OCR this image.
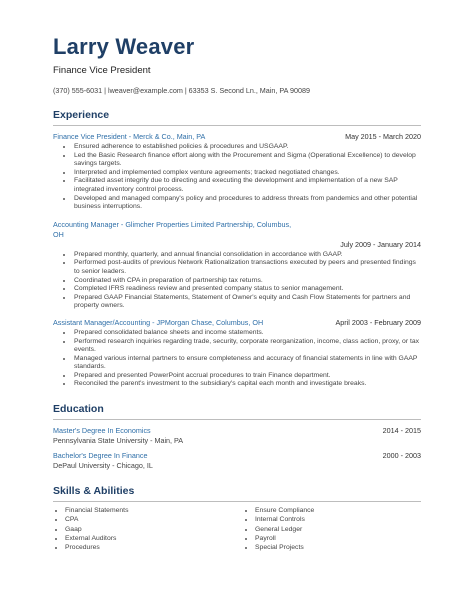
Larry Weaver
Finance Vice President
(370) 555-6031 | lweaver@example.com | 63353 S. Second Ln., Main, PA 90089
Experience
Finance Vice President - Merck & Co., Main, PA	May 2015 - March 2020
• Ensured adherence to established policies & procedures and USGAAP.
• Led the Basic Research finance effort along with the Procurement and Sigma (Operational Excellence) to develop savings targets.
• Interpreted and implemented complex venture agreements; tracked negotiated changes.
• Facilitated asset integrity due to directing and executing the development and implementation of a new SAP integrated inventory control process.
• Developed and managed company's policy and procedures to address threats from pandemics and other potential business interruptions.
Accounting Manager - Glimcher Properties Limited Partnership, Columbus, OH
July 2009 - January 2014
• Prepared monthly, quarterly, and annual financial consolidation in accordance with GAAP.
• Performed post-audits of previous Network Rationalization transactions executed by peers and presented findings to senior leaders.
• Coordinated with CPA in preparation of partnership tax returns.
• Completed IFRS readiness review and presented company status to senior management.
• Prepared GAAP Financial Statements, Statement of Owner's equity and Cash Flow Statements for partners and property owners.
Assistant Manager/Accounting - JPMorgan Chase, Columbus, OH	April 2003 - February 2009
• Prepared consolidated balance sheets and income statements.
• Performed research inquiries regarding trade, security, corporate reorganization, income, class action, proxy, or tax events.
• Managed various internal partners to ensure completeness and accuracy of financial statements in line with GAAP standards.
• Prepared and presented PowerPoint accrual procedures to train Finance department.
• Reconciled the parent's investment to the subsidiary's capital each month and investigate breaks.
Education
Master's Degree In Economics
Pennsylvania State University - Main, PA
2014 - 2015
Bachelor's Degree In Finance
DePaul University - Chicago, IL
2000 - 2003
Skills & Abilities
• Financial Statements
• CPA
• Gaap
• External Auditors
• Procedures
• Ensure Compliance
• Internal Controls
• General Ledger
• Payroll
• Special Projects
